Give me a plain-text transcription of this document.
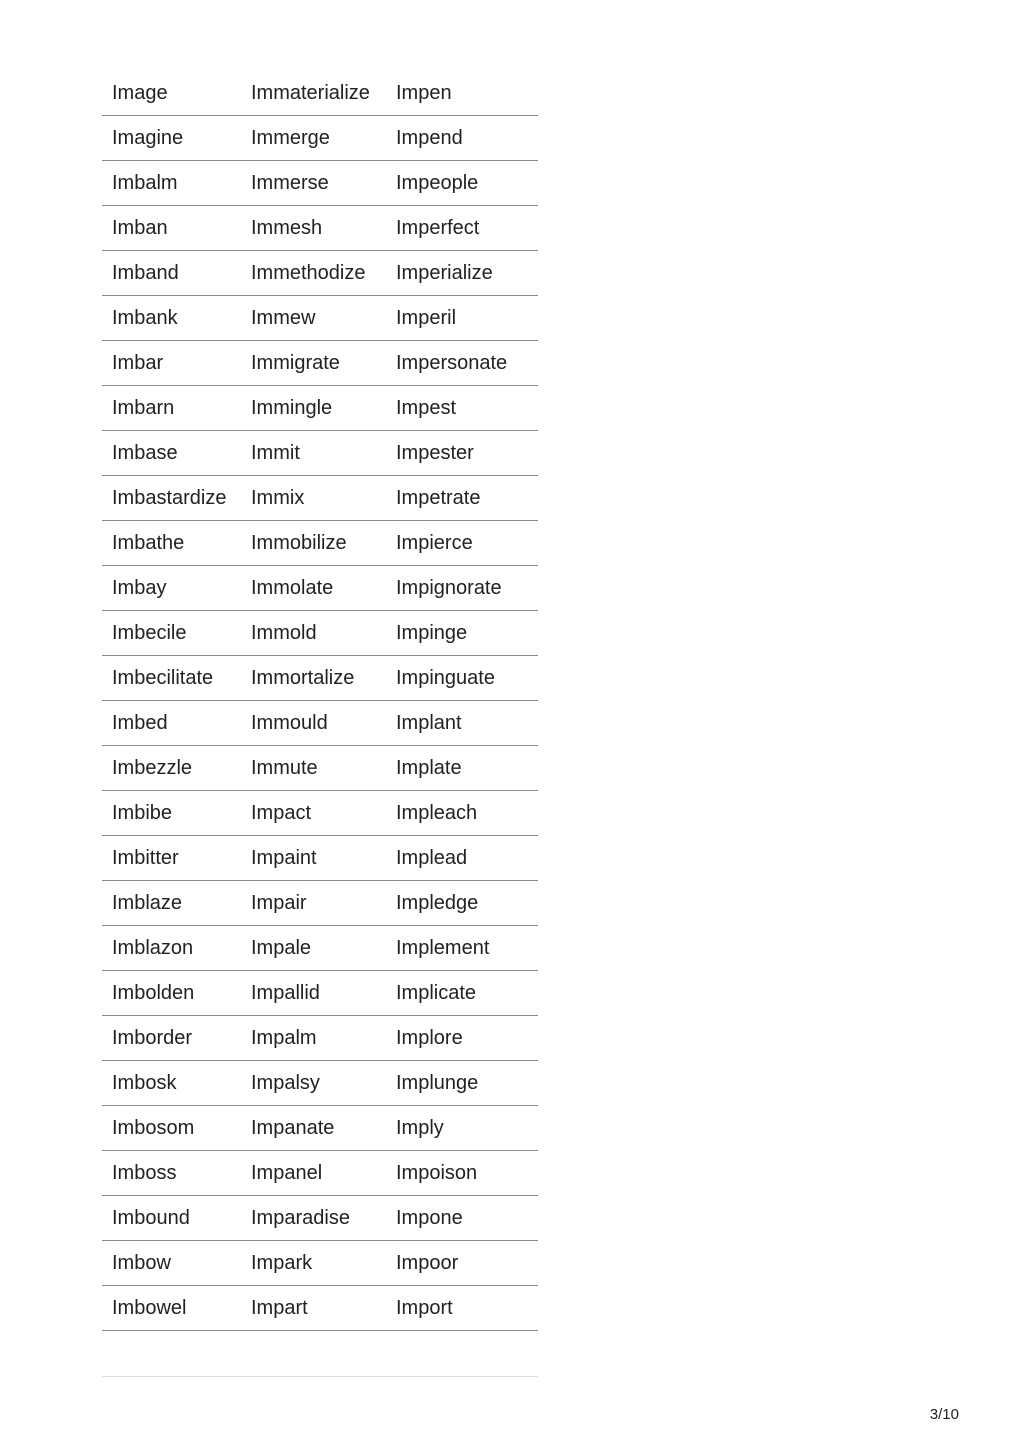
Image	Immaterialize	Impen
Imagine	Immerge	Impend
Imbalm	Immerse	Impeople
Imban	Immesh	Imperfect
Imband	Immethodize	Imperialize
Imbank	Immew	Imperil
Imbar	Immigrate	Impersonate
Imbarn	Immingle	Impest
Imbase	Immit	Impester
Imbastardize	Immix	Impetrate
Imbathe	Immobilize	Impierce
Imbay	Immolate	Impignorate
Imbecile	Immold	Impinge
Imbecilitate	Immortalize	Impinguate
Imbed	Immould	Implant
Imbezzle	Immute	Implate
Imbibe	Impact	Impleach
Imbitter	Impaint	Implead
Imblaze	Impair	Impledge
Imblazon	Impale	Implement
Imbolden	Impallid	Implicate
Imborder	Impalm	Implore
Imbosk	Impalsy	Implunge
Imbosom	Impanate	Imply
Imboss	Impanel	Impoison
Imbound	Imparadise	Impone
Imbow	Impark	Impoor
Imbowel	Impart	Import
3/10
